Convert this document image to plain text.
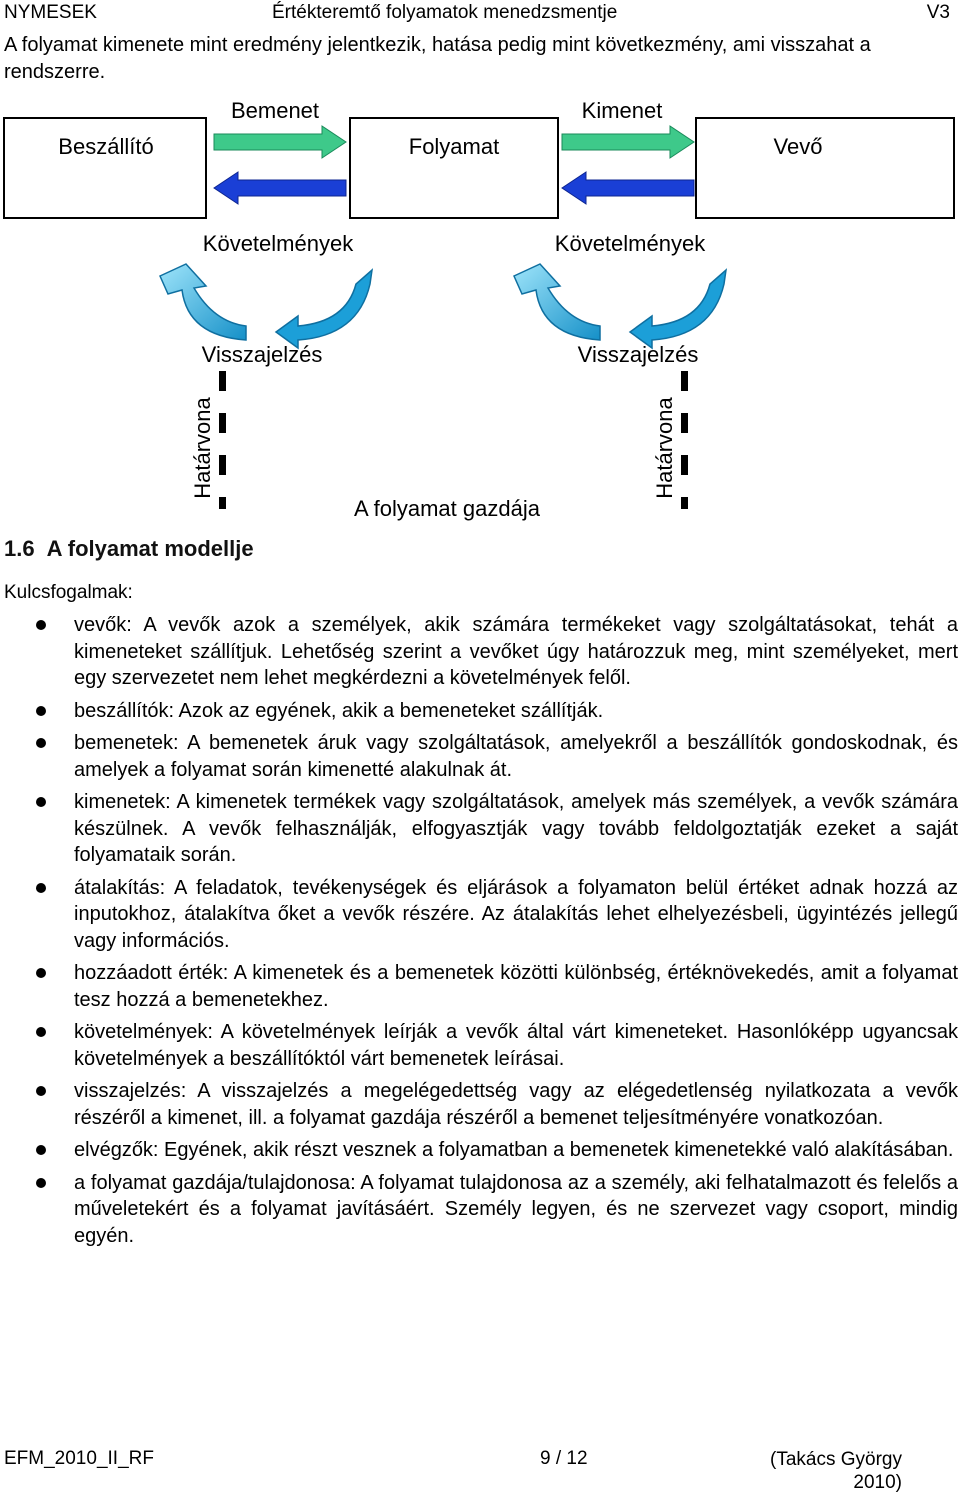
NYMESEK	Értékteremtő folyamatok menedzsmentje	V3
A folyamat kimenete mint eredmény jelentkezik, hatása pedig mint következmény, ami visszahat a rendszerre.
Beszállító	Folyamat	Vevő
Bemenet	Kimenet
Követelmények	Követelmények
Visszajelzés	Visszajelzés
Határvona	Határvona
A folyamat gazdája
1.6 A folyamat modellje
Kulcsfogalmak:
vevők: A vevők azok a személyek, akik számára termékeket vagy szolgáltatásokat, tehát a kimeneteket szállítjuk. Lehetőség szerint a vevőket úgy határozzuk meg, mint személyeket, mert egy szervezetet nem lehet megkérdezni a követelmények felől.
beszállítók: Azok az egyének, akik a bemeneteket szállítják.
bemenetek: A bemenetek áruk vagy szolgáltatások, amelyekről a beszállítók gondoskodnak, és amelyek a folyamat során kimenetté alakulnak át.
kimenetek: A kimenetek termékek vagy szolgáltatások, amelyek más személyek, a vevők számára készülnek. A vevők felhasználják, elfogyasztják vagy tovább feldolgoztatják ezeket a saját folyamataik során.
átalakítás: A feladatok, tevékenységek és eljárások a folyamaton belül értéket adnak hozzá az inputokhoz, átalakítva őket a vevők részére. Az átalakítás lehet elhelyezésbeli, ügyintézés jellegű vagy információs.
hozzáadott érték: A kimenetek és a bemenetek közötti különbség, értéknövekedés, amit a folyamat tesz hozzá a bemenetekhez.
követelmények: A követelmények leírják a vevők által várt kimeneteket. Hasonlóképp ugyancsak követelmények a beszállítóktól várt bemenetek leírásai.
visszajelzés: A visszajelzés a megelégedettség vagy az elégedetlenség nyilatkozata a vevők részéről a kimenet, ill. a folyamat gazdája részéről a bemenet teljesítményére vonatkozóan.
elvégzők: Egyének, akik részt vesznek a folyamatban a bemenetek kimenetekké való alakításában.
a folyamat gazdája/tulajdonosa: A folyamat tulajdonosa az a személy, aki felhatalmazott és felelős a műveletekért és a folyamat javításáért. Személy legyen, és ne szervezet vagy csoport, mindig egyén.
EFM_2010_II_RF	9 / 12	(Takács György
2010)
